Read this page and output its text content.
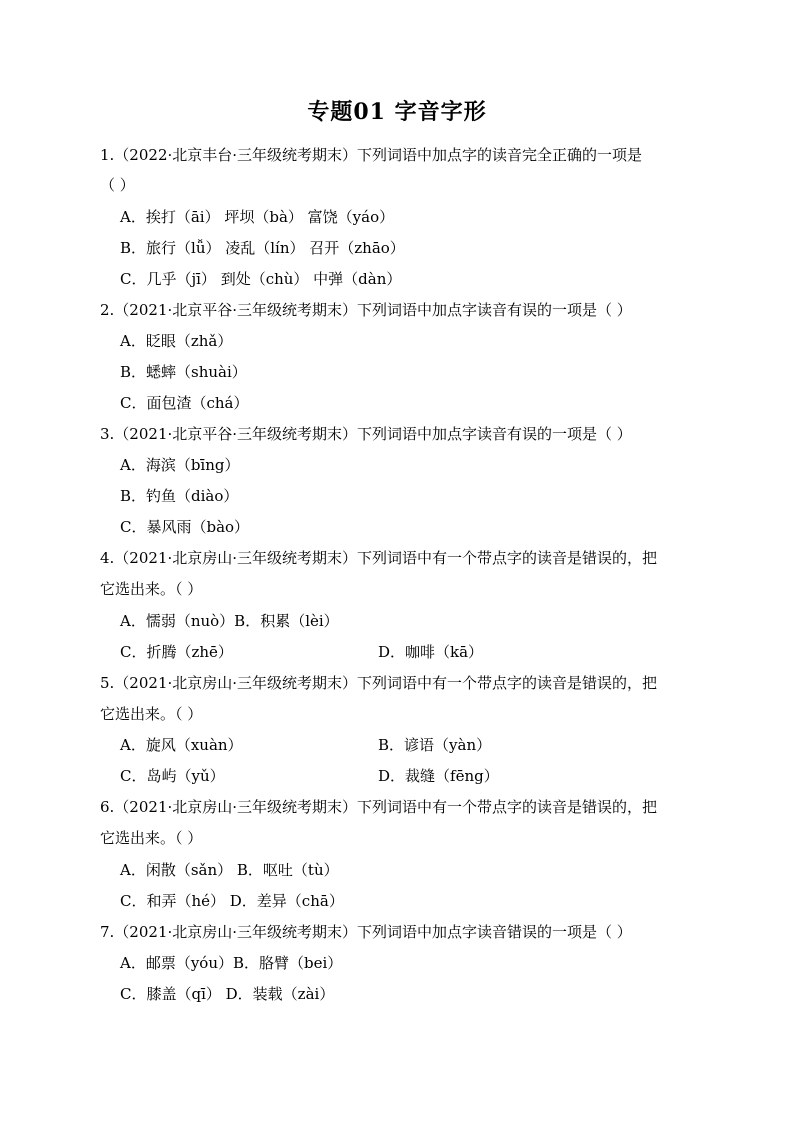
专题01 字音字形
1.（2022·北京丰台·三年级统考期末）下列词语中加点字的读音完全正确的一项是
（ ）
A．挨打（āi） 坪坝（bà） 富饶（yáo）
B．旅行（lǚ） 凌乱（lín） 召开（zhāo）
C．几乎（jī） 到处（chù） 中弹（dàn）
2.（2021·北京平谷·三年级统考期末）下列词语中加点字读音有误的一项是（ ）
A．眨眼（zhǎ）
B．蟋蟀（shuài）
C．面包渣（chá）
3.（2021·北京平谷·三年级统考期末）下列词语中加点字读音有误的一项是（ ）
A．海滨（bīng）
B．钓鱼（diào）
C．暴风雨（bào）
4.（2021·北京房山·三年级统考期末）下列词语中有一个带点字的读音是错误的，把
它选出来。（ ）
A．懦弱（nuò）B．积累（lèi）
C．折腾（zhē）	D．咖啡（kā）
5.（2021·北京房山·三年级统考期末）下列词语中有一个带点字的读音是错误的，把
它选出来。（ ）
A．旋风（xuàn）	B．谚语（yàn）
C．岛屿（yǔ）	D．裁缝（fēng）
6.（2021·北京房山·三年级统考期末）下列词语中有一个带点字的读音是错误的，把
它选出来。（ ）
A．闲散（sǎn） B．呕吐（tù）
C．和弄（hé） D．差异（chā）
7.（2021·北京房山·三年级统考期末）下列词语中加点字读音错误的一项是（ ）
A．邮票（yóu）B．胳臂（bei）
C．膝盖（qī） D．装载（zài）
